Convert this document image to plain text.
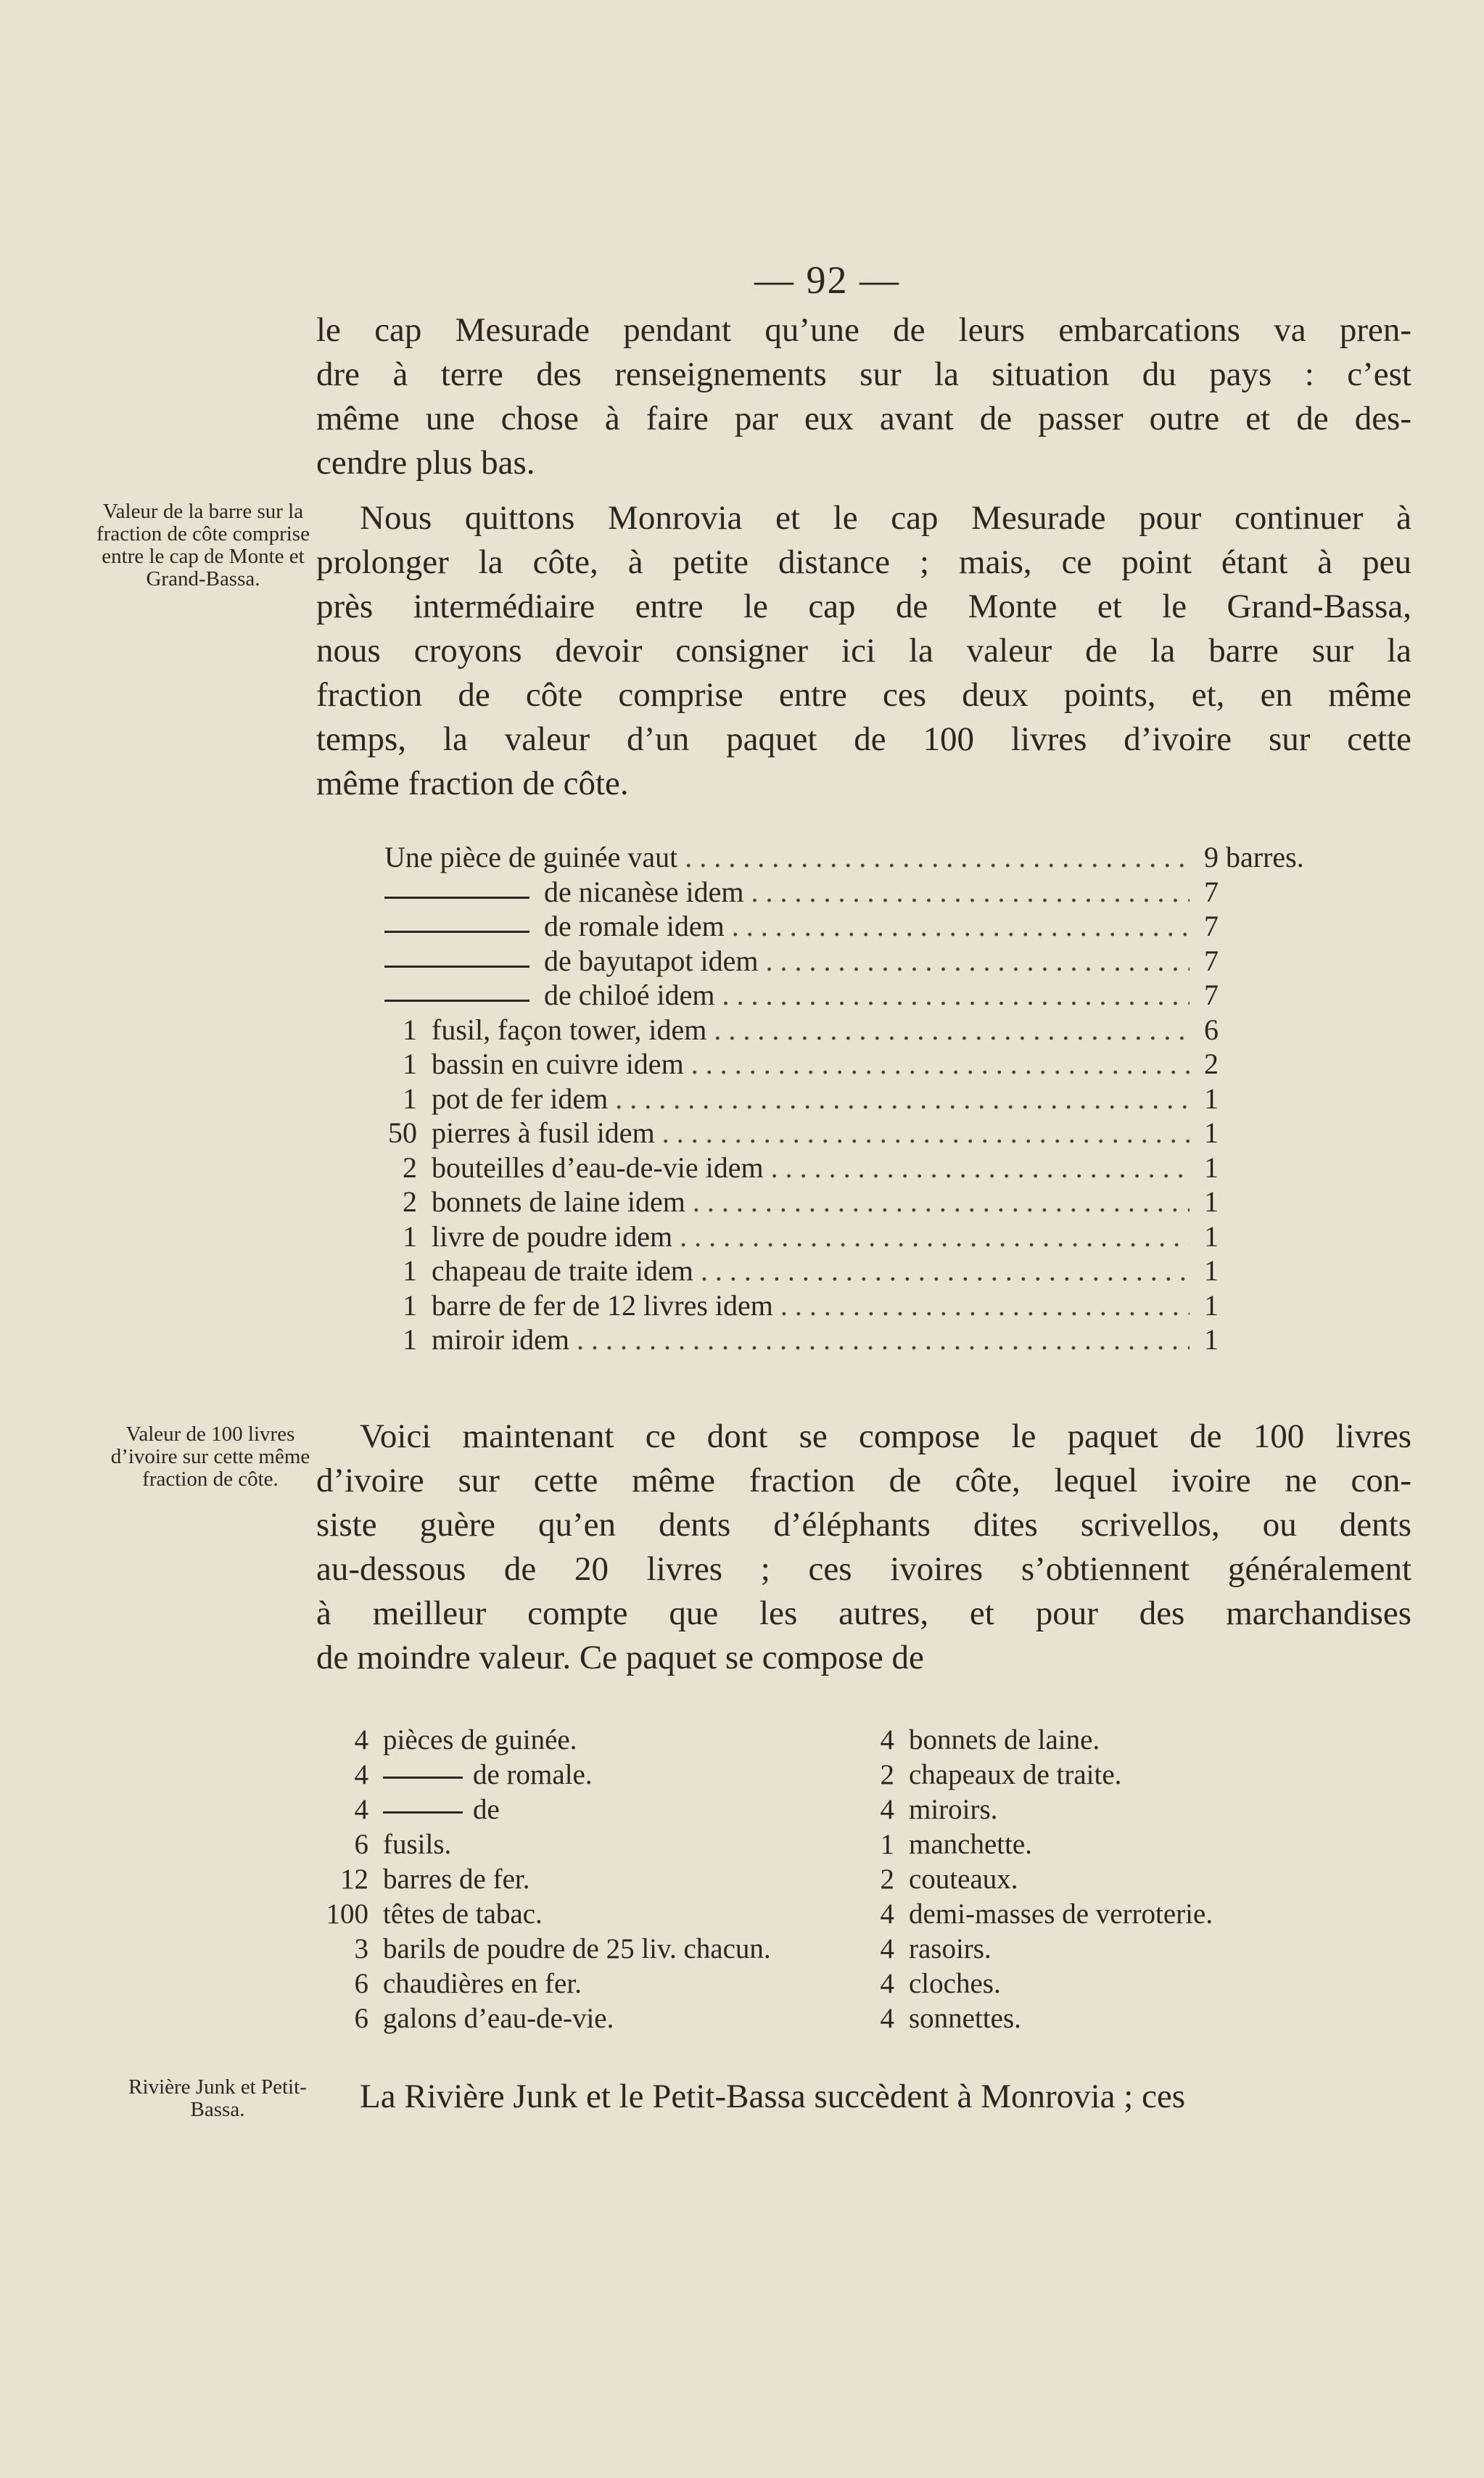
— 92 —

le cap Mesurade pendant qu’une de leurs embarcations va pren-
dre à terre des renseignements sur la situation du pays : c’est
même une chose à faire par eux avant de passer outre et de des-
cendre plus bas.

Nous quittons Monrovia et le cap Mesurade pour continuer à
prolonger la côte, à petite distance ; mais, ce point étant à peu
près intermédiaire entre le cap de Monte et le Grand-Bassa,
nous croyons devoir consigner ici la valeur de la barre sur la
fraction de côte comprise entre ces deux points, et, en même
temps, la valeur d’un paquet de 100 livres d’ivoire sur cette
même fraction de côte.

Voici maintenant ce dont se compose le paquet de 100 livres
d’ivoire sur cette même fraction de côte, lequel ivoire ne con-
siste guère qu’en dents d’éléphants dites scrivellos, ou dents
au-dessous de 20 livres ; ces ivoires s’obtiennent généralement
à meilleur compte que les autres, et pour des marchandises
de moindre valeur. Ce paquet se compose de

La Rivière Junk et le Petit-Bassa succèdent à Monrovia ; ces

Valeur de la barre sur la fraction de côte comprise entre le cap de Monte et Grand-Bassa.
Valeur de 100 livres d’ivoire sur cette même fraction de côte.
Rivière Junk et Petit-Bassa.
Une pièce de guinée vaut . . .	9 barres.
de nicanèse idem . . .	7
de romale idem . . .	7
de bayutapot idem . . .	7
de chiloé idem . . .	7
1 fusil, façon tower, idem . . .	6
1 bassin en cuivre idem . . .	2
1 pot de fer idem . . .	1
50 pierres à fusil idem . . .	1
2 bouteilles d’eau-de-vie idem . . .	1
2 bonnets de laine idem . . .	1
1 livre de poudre idem . . .	1
1 chapeau de traite idem . . .	1
1 barre de fer de 12 livres idem . . .	1
1 miroir idem . . .	1
4 pièces de guinée.
4	de romale.
4	de
6 fusils.
12 barres de fer.
100 têtes de tabac.
3 barils de poudre de 25 liv. chacun.
6 chaudières en fer.
6 galons d’eau-de-vie.
4 bonnets de laine.
2 chapeaux de traite.
4 miroirs.
1 manchette.
2 couteaux.
4 demi-masses de verroterie.
4 rasoirs.
4 cloches.
4 sonnettes.
